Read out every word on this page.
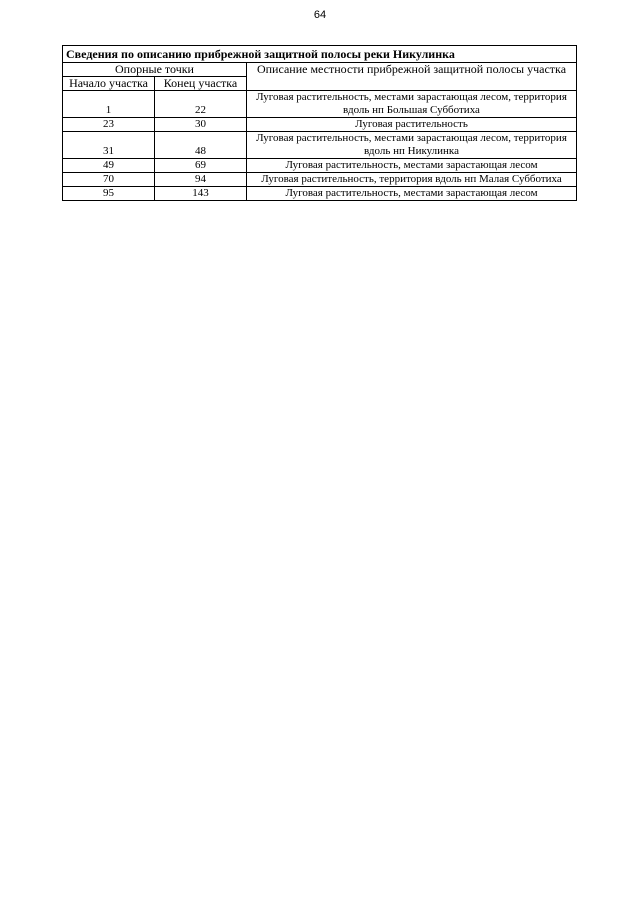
64
Сведения по описанию прибрежной защитной полосы реки Никулинка		
Опорные точки		Описание местности прибрежной защитной полосы участка
Начало участка	Конец участка	
1	22	Луговая растительность, местами зарастающая лесом, территория вдоль нп Большая Субботиха
23	30	Луговая растительность
31	48	Луговая растительность, местами зарастающая лесом, территория вдоль нп Никулинка
49	69	Луговая растительность, местами зарастающая лесом
70	94	Луговая растительность, территория вдоль нп Малая Субботиха
95	143	Луговая растительность, местами зарастающая лесом
